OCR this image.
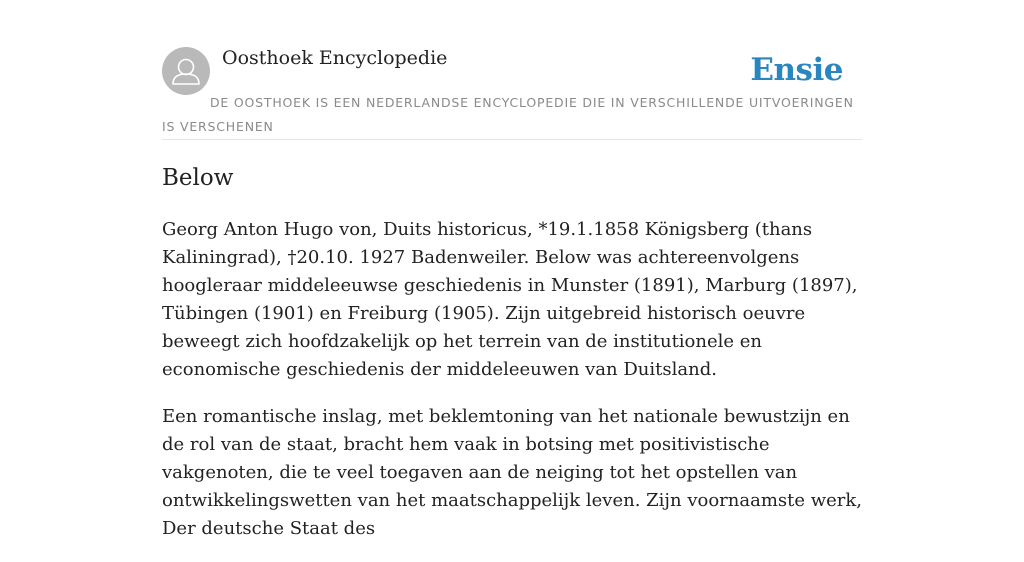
Oosthoek Encyclopedie	Ensie
DE OOSTHOEK IS EEN NEDERLANDSE ENCYCLOPEDIE DIE IN VERSCHILLENDE UITVOERINGEN IS VERSCHENEN
Below

Georg Anton Hugo von, Duits historicus, *19.1.1858 Königsberg (thans Kaliningrad), †20.10. 1927 Badenweiler. Below was achtereenvolgens hoogleraar middeleeuwse geschiedenis in Munster (1891), Marburg (1897), Tübingen (1901) en Freiburg (1905). Zijn uitgebreid historisch oeuvre beweegt zich hoofdzakelijk op het terrein van de institutionele en economische geschiedenis der middeleeuwen van Duitsland.

Een romantische inslag, met beklemtoning van het nationale bewustzijn en de rol van de staat, bracht hem vaak in botsing met positivistische vakgenoten, die te veel toegaven aan de neiging tot het opstellen van ontwikkelingswetten van het maatschappelijk leven. Zijn voornaamste werk, Der deutsche Staat des
